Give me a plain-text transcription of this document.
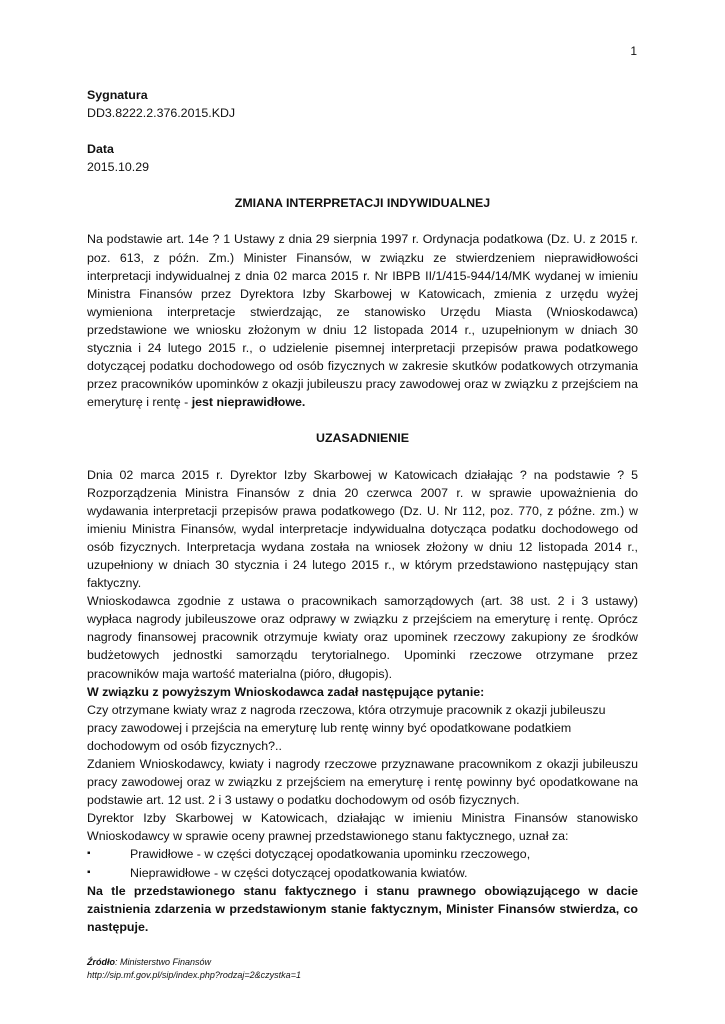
1

Sygnatura

DD3.8222.2.376.2015.KDJ

Data

2015.10.29

ZMIANA INTERPRETACJI INDYWIDUALNEJ

Na podstawie art. 14e ? 1 Ustawy z dnia 29 sierpnia 1997 r. Ordynacja podatkowa (Dz. U. z 2015 r. poz. 613, z późn. Zm.) Minister Finansów, w związku ze stwierdzeniem nieprawidłowości interpretacji indywidualnej z dnia 02 marca 2015 r. Nr IBPB II/1/415-944/14/MK wydanej w imieniu Ministra Finansów przez Dyrektora Izby Skarbowej w Katowicach, zmienia z urzędu wyżej wymieniona interpretacje stwierdzając, ze stanowisko Urzędu Miasta (Wnioskodawca) przedstawione we wniosku złożonym w dniu 12 listopada 2014 r., uzupełnionym w dniach 30 stycznia i 24 lutego 2015 r., o udzielenie pisemnej interpretacji przepisów prawa podatkowego dotyczącej podatku dochodowego od osób fizycznych w zakresie skutków podatkowych otrzymania przez pracowników upominków z okazji jubileuszu pracy zawodowej oraz w związku z przejściem na emeryturę i rentę - jest nieprawidłowe.

UZASADNIENIE

Dnia 02 marca 2015 r. Dyrektor Izby Skarbowej w Katowicach działając ? na podstawie ? 5 Rozporządzenia Ministra Finansów z dnia 20 czerwca 2007 r. w sprawie upoważnienia do wydawania interpretacji przepisów prawa podatkowego (Dz. U. Nr 112, poz. 770, z późne. zm.) w imieniu Ministra Finansów, wydal interpretacje indywidualna dotycząca podatku dochodowego od osób fizycznych. Interpretacja wydana została na wniosek złożony w dniu 12 listopada 2014 r., uzupełniony w dniach 30 stycznia i 24 lutego 2015 r., w którym przedstawiono następujący stan faktyczny.

Wnioskodawca zgodnie z ustawa o pracownikach samorządowych (art. 38 ust. 2 i 3 ustawy) wypłaca nagrody jubileuszowe oraz odprawy w związku z przejściem na emeryturę i rentę. Oprócz nagrody finansowej pracownik otrzymuje kwiaty oraz upominek rzeczowy zakupiony ze środków budżetowych jednostki samorządu terytorialnego. Upominki rzeczowe otrzymane przez pracowników maja wartość materialna (pióro, długopis).

W związku z powyższym Wnioskodawca zadał następujące pytanie:

Czy otrzymane kwiaty wraz z nagroda rzeczowa, która otrzymuje pracownik z okazji jubileuszu pracy zawodowej i przejścia na emeryturę lub rentę winny być opodatkowane podatkiem dochodowym od osób fizycznych?..

Zdaniem Wnioskodawcy, kwiaty i nagrody rzeczowe przyznawane pracownikom z okazji jubileuszu pracy zawodowej oraz w związku z przejściem na emeryturę i rentę powinny być opodatkowane na podstawie art. 12 ust. 2 i 3 ustawy o podatku dochodowym od osób fizycznych.

Dyrektor Izby Skarbowej w Katowicach, działając w imieniu Ministra Finansów stanowisko Wnioskodawcy w sprawie oceny prawnej przedstawionego stanu faktycznego, uznał za:

▪	Prawidłowe - w części dotyczącej opodatkowania upominku rzeczowego,
▪	Nieprawidłowe - w części dotyczącej opodatkowania kwiatów.

Na tle przedstawionego stanu faktycznego i stanu prawnego obowiązującego w dacie zaistnienia zdarzenia w przedstawionym stanie faktycznym, Minister Finansów stwierdza, co następuje.

Źródło: Ministerstwo Finansów
http://sip.mf.gov.pl/sip/index.php?rodzaj=2&czystka=1
